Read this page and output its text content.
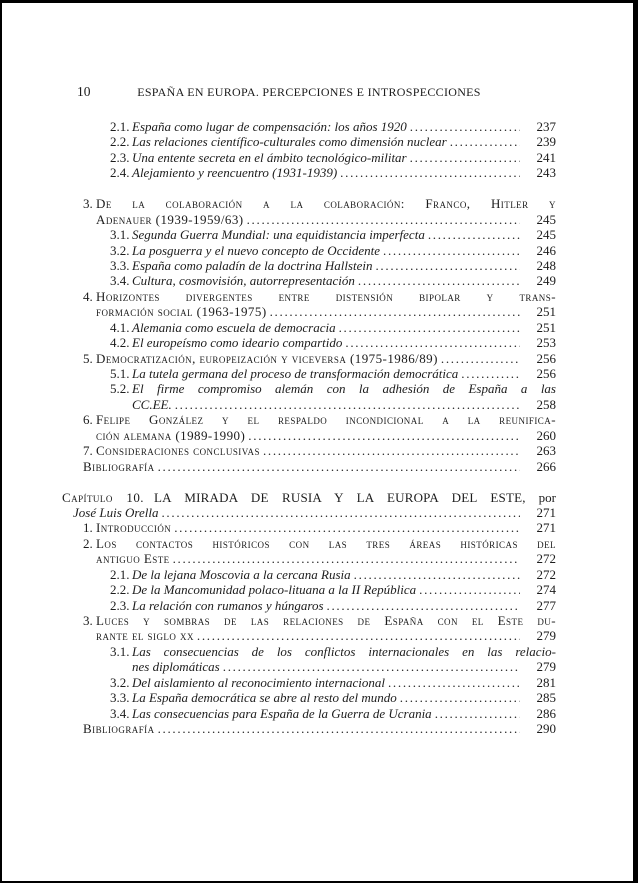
10	ESPAÑA EN EUROPA. PERCEPCIONES E INTROSPECCIONES
2.1. España como lugar de compensación: los años 1920 .....	237
2.2. Las relaciones científico-culturales como dimensión nuclear .....	239
2.3. Una entente secreta en el ámbito tecnológico-militar .....	241
2.4. Alejamiento y reencuentro (1931-1939) .....	243
3. De la colaboración a la colaboración: Franco, Hitler y
Adenauer (1939-1959/63) .....	245
3.1. Segunda Guerra Mundial: una equidistancia imperfecta .....	245
3.2. La posguerra y el nuevo concepto de Occidente .....	246
3.3. España como paladín de la doctrina Hallstein .....	248
3.4. Cultura, cosmovisión, autorrepresentación .....	249
4. Horizontes divergentes entre distensión bipolar y trans-
formación social (1963-1975) .....	251
4.1. Alemania como escuela de democracia .....	251
4.2. El europeísmo como ideario compartido .....	253
5. Democratización, europeización y viceversa (1975-1986/89) .....	256
5.1. La tutela germana del proceso de transformación democrática .....	256
5.2. El firme compromiso alemán con la adhesión de España a las
CC.EE. .....	258
6. Felipe González y el respaldo incondicional a la reunifica-
ción alemana (1989-1990) .....	260
7. Consideraciones conclusivas .....	263
Bibliografía .....	266
Capítulo 10. LA MIRADA DE RUSIA Y LA EUROPA DEL ESTE, por
José Luis Orella .....	271
1. Introducción .....	271
2. Los contactos históricos con las tres áreas históricas del
antiguo Este .....	272
2.1. De la lejana Moscovia a la cercana Rusia .....	272
2.2. De la Mancomunidad polaco-lituana a la II República .....	274
2.3. La relación con rumanos y húngaros .....	277
3. Luces y sombras de las relaciones de España con el Este du-
rante el siglo xx .....	279
3.1. Las consecuencias de los conflictos internacionales en las relacio-
nes diplomáticas .....	279
3.2. Del aislamiento al reconocimiento internacional .....	281
3.3. La España democrática se abre al resto del mundo .....	285
3.4. Las consecuencias para España de la Guerra de Ucrania .....	286
Bibliografía .....	290
